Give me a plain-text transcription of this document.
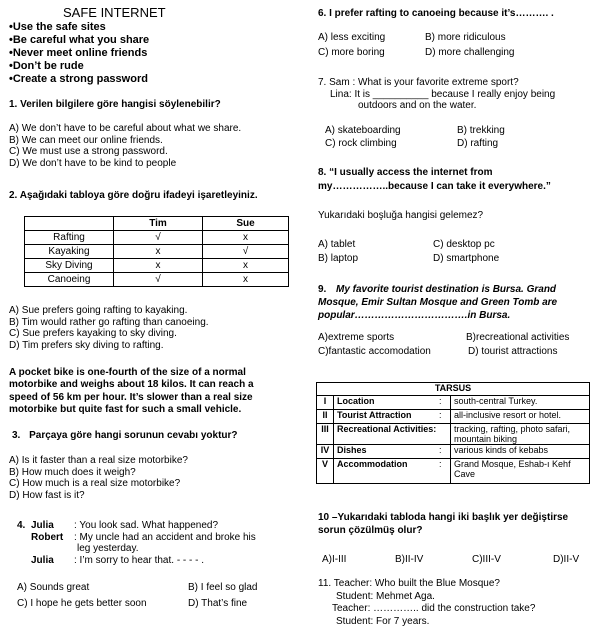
SAFE INTERNET
•Use the safe sites
•Be careful what you share
•Never meet online friends
•Don’t be rude
•Create a strong password
1. Verilen bilgilere göre hangisi söylenebilir?
A) We don’t have to be careful about what we share.
B) We can meet our online friends.
C) We must use a strong password.
D) We don’t have to be kind to people
2. Aşağıdaki tabloya göre doğru ifadeyi işaretleyiniz.
	Tim	Sue
Rafting	√	x
Kayaking	x	√
Sky Diving	x	x
Canoeing	√	x
A) Sue prefers going rafting to kayaking.
B) Tim would rather go rafting than canoeing.
C) Sue prefers kayaking to sky diving.
D) Tim prefers sky diving to rafting.
A pocket bike is one-fourth of the size of a normal
motorbike and weighs about 18 kilos. It can reach a
speed of 56 km per hour. It’s slower than a real size
motorbike but quite fast for such a small vehicle.
3. Parçaya göre hangi sorunun cevabı yoktur?
A) Is it faster than a real size motorbike?
B) How much does it weigh?
C) How much is a real size motorbike?
D) How fast is it?
4. Julia : You look sad. What happened?
Robert : My uncle had an accident and broke his
leg yesterday.
Julia : I’m sorry to hear that. - - - - .
A) Sounds great	B) I feel so glad
C) I hope he gets better soon	D) That’s fine
6. I prefer rafting to canoeing because it’s………. .
A) less exciting	B) more ridiculous
C) more boring	D) more challenging
7. Sam : What is your favorite extreme sport?
Lina: It is __________ because I really enjoy being
outdoors and on the water.
A) skateboarding	B) trekking
C) rock climbing	D) rafting
8. “I usually access the internet from
my……………..because I can take it everywhere.”
Yukarıdaki boşluğa hangisi gelemez?
A) tablet	C) desktop pc
B) laptop	D) smartphone
9. My favorite tourist destination is Bursa. Grand
Mosque, Emir Sultan Mosque and Green Tomb are
popular…………………………….in Bursa.
A)extreme sports	B)recreational activities
C)fantastic accomodation	D) tourist attractions
TARSUS			
I	Location	:	south-central Turkey.
II	Tourist Attraction	:	all-inclusive resort or hotel.
III	Recreational Activities:		tracking, rafting, photo safari, mountain biking
IV	Dishes	:	various kinds of kebabs
V	Accommodation	:	Grand Mosque, Eshab-ı Kehf Cave
10 –Yukarıdaki tabloda hangi iki başlık yer değiştirse
sorun çözülmüş olur?
A)I-III	B)II-IV	C)III-V	D)II-V
11. Teacher: Who built the Blue Mosque?
Student: Mehmet Aga.
Teacher: ………….. did the construction take?
Student: For 7 years.
